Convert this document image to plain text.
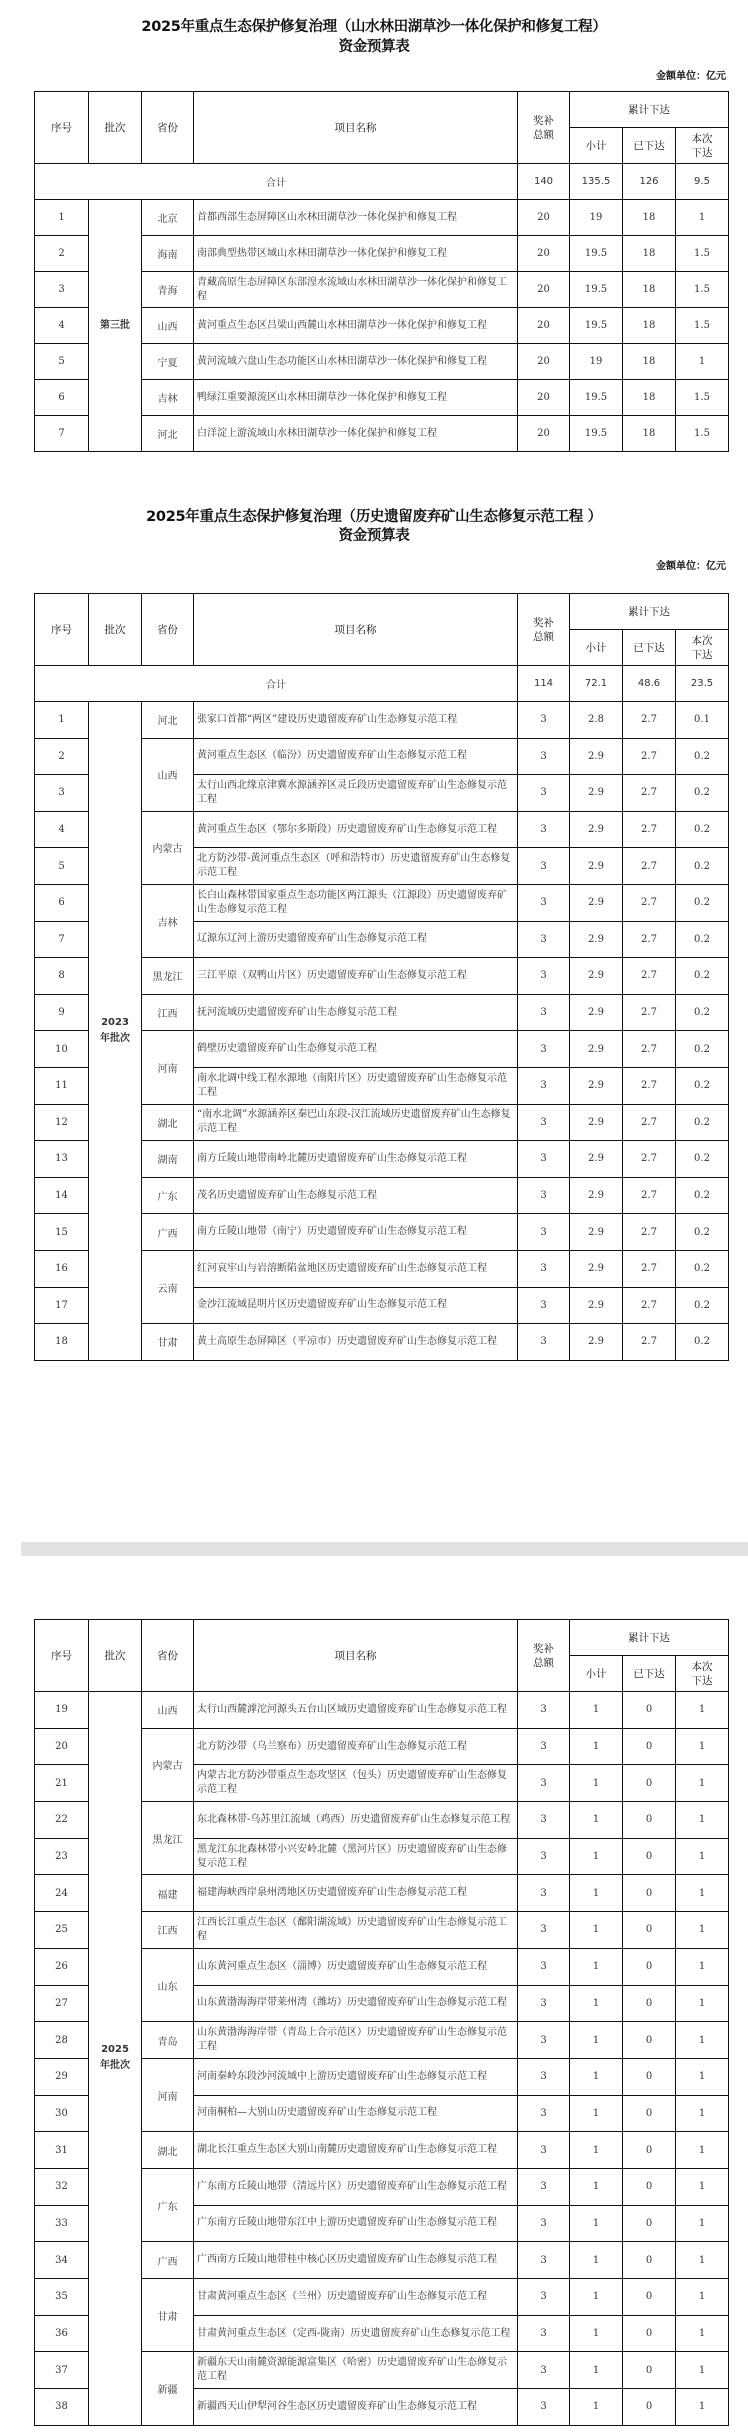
2025年重点生态保护修复治理（山水林田湖草沙一体化保护和修复工程）
资金预算表
金额单位：亿元
序号	批次	省份	项目名称	奖补总额	累计下达		
					小计	已下达	本次下达
合计				140	135.5	126	9.5
1	第三批	北京	首都西部生态屏障区山水林田湖草沙一体化保护和修复工程	20	19	18	1
2		海南	南部典型热带区域山水林田湖草沙一体化保护和修复工程	20	19.5	18	1.5
3		青海	青藏高原生态屏障区东部湟水流域山水林田湖草沙一体化保护和修复工程	20	19.5	18	1.5
4		山西	黄河重点生态区吕梁山西麓山水林田湖草沙一体化保护和修复工程	20	19.5	18	1.5
5		宁夏	黄河流域六盘山生态功能区山水林田湖草沙一体化保护和修复工程	20	19	18	1
6		吉林	鸭绿江重要源流区山水林田湖草沙一体化保护和修复工程	20	19.5	18	1.5
7		河北	白洋淀上游流域山水林田湖草沙一体化保护和修复工程	20	19.5	18	1.5
2025年重点生态保护修复治理（历史遗留废弃矿山生态修复示范工程 ）
资金预算表
金额单位：亿元
序号	批次	省份	项目名称	奖补总额	累计下达		
					小计	已下达	本次下达
合计				114	72.1	48.6	23.5
1	2023年批次	河北	张家口首都“两区”建设历史遗留废弃矿山生态修复示范工程	3	2.8	2.7	0.1
2		山西	黄河重点生态区（临汾）历史遗留废弃矿山生态修复示范工程	3	2.9	2.7	0.2
3			太行山西北缘京津冀水源涵养区灵丘段历史遗留废弃矿山生态修复示范工程	3	2.9	2.7	0.2
4		内蒙古	黄河重点生态区（鄂尔多斯段）历史遗留废弃矿山生态修复示范工程	3	2.9	2.7	0.2
5			北方防沙带-黄河重点生态区（呼和浩特市）历史遗留废弃矿山生态修复示范工程	3	2.9	2.7	0.2
6		吉林	长白山森林带国家重点生态功能区两江源头（江源段）历史遗留废弃矿山生态修复示范工程	3	2.9	2.7	0.2
7			辽源东辽河上游历史遗留废弃矿山生态修复示范工程	3	2.9	2.7	0.2
8		黑龙江	三江平原（双鸭山片区）历史遗留废弃矿山生态修复示范工程	3	2.9	2.7	0.2
9		江西	抚河流域历史遗留废弃矿山生态修复示范工程	3	2.9	2.7	0.2
10		河南	鹤壁历史遗留废弃矿山生态修复示范工程	3	2.9	2.7	0.2
11			南水北调中线工程水源地（南阳片区）历史遗留废弃矿山生态修复示范工程	3	2.9	2.7	0.2
12		湖北	“南水北调”水源涵养区秦巴山东段-汉江流域历史遗留废弃矿山生态修复示范工程	3	2.9	2.7	0.2
13		湖南	南方丘陵山地带南岭北麓历史遗留废弃矿山生态修复示范工程	3	2.9	2.7	0.2
14		广东	茂名历史遗留废弃矿山生态修复示范工程	3	2.9	2.7	0.2
15		广西	南方丘陵山地带（南宁）历史遗留废弃矿山生态修复示范工程	3	2.9	2.7	0.2
16		云南	红河哀牢山与岩溶断陷盆地区历史遗留废弃矿山生态修复示范工程	3	2.9	2.7	0.2
17			金沙江流域昆明片区历史遗留废弃矿山生态修复示范工程	3	2.9	2.7	0.2
18		甘肃	黄土高原生态屏障区（平凉市）历史遗留废弃矿山生态修复示范工程	3	2.9	2.7	0.2
序号	批次	省份	项目名称	奖补总额	累计下达		
					小计	已下达	本次下达
19	2025年批次	山西	太行山西麓滹沱河源头五台山区域历史遗留废弃矿山生态修复示范工程	3	1	0	1
20		内蒙古	北方防沙带（乌兰察布）历史遗留废弃矿山生态修复示范工程	3	1	0	1
21			内蒙古北方防沙带重点生态攻坚区（包头）历史遗留废弃矿山生态修复示范工程	3	1	0	1
22		黑龙江	东北森林带-乌苏里江流域（鸡西）历史遗留废弃矿山生态修复示范工程	3	1	0	1
23			黑龙江东北森林带小兴安岭北麓（黑河片区）历史遗留废弃矿山生态修复示范工程	3	1	0	1
24		福建	福建海峡西岸泉州湾地区历史遗留废弃矿山生态修复示范工程	3	1	0	1
25		江西	江西长江重点生态区（鄱阳湖流域）历史遗留废弃矿山生态修复示范工程	3	1	0	1
26		山东	山东黄河重点生态区（淄博）历史遗留废弃矿山生态修复示范工程	3	1	0	1
27			山东黄渤海海岸带莱州湾（潍坊）历史遗留废弃矿山生态修复示范工程	3	1	0	1
28		青岛	山东黄渤海海岸带（青岛上合示范区）历史遗留废弃矿山生态修复示范工程	3	1	0	1
29		河南	河南秦岭东段沙河流域中上游历史遗留废弃矿山生态修复示范工程	3	1	0	1
30			河南桐柏—大别山历史遗留废弃矿山生态修复示范工程	3	1	0	1
31		湖北	湖北长江重点生态区大别山南麓历史遗留废弃矿山生态修复示范工程	3	1	0	1
32		广东	广东南方丘陵山地带（清远片区）历史遗留废弃矿山生态修复示范工程	3	1	0	1
33			广东南方丘陵山地带东江中上游历史遗留废弃矿山生态修复示范工程	3	1	0	1
34		广西	广西南方丘陵山地带桂中核心区历史遗留废弃矿山生态修复示范工程	3	1	0	1
35		甘肃	甘肃黄河重点生态区（兰州）历史遗留废弃矿山生态修复示范工程	3	1	0	1
36			甘肃黄河重点生态区（定西-陇南）历史遗留废弃矿山生态修复示范工程	3	1	0	1
37		新疆	新疆东天山南麓资源能源富集区（哈密）历史遗留废弃矿山生态修复示范工程	3	1	0	1
38			新疆西天山伊犁河谷生态区历史遗留废弃矿山生态修复示范工程	3	1	0	1
